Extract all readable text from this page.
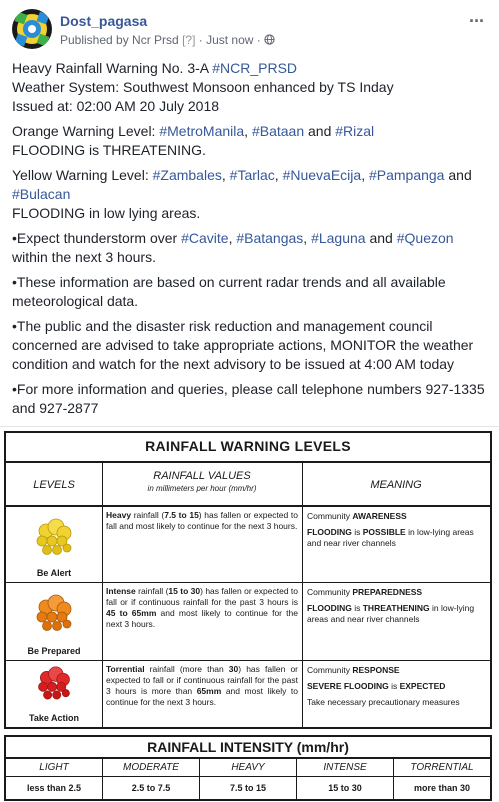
Dost_pagasa
Published by Ncr Prsd [?] · Just now ·
···

Heavy Rainfall Warning No. 3-A #NCR_PRSD
Weather System: Southwest Monsoon enhanced by TS Inday
Issued at: 02:00 AM 20 July 2018

Orange Warning Level: #MetroManila, #Bataan and #Rizal
FLOODING is THREATENING.

Yellow Warning Level: #Zambales, #Tarlac, #NuevaEcija, #Pampanga and
#Bulacan
FLOODING in low lying areas.

•Expect thunderstorm over #Cavite, #Batangas, #Laguna and #Quezon
within the next 3 hours.

•These information are based on current radar trends and all available meteorological data.

•The public and the disaster risk reduction and management council concerned are advised to take appropriate actions, MONITOR the weather condition and watch for the next advisory to be issued at 4:00 AM today

•For more information and queries, please call telephone numbers 927-1335 and 927-2877

RAINFALL WARNING LEVELS
LEVELS
RAINFALL VALUES
in millimeters per hour (mm/hr)	MEANING
Be Alert
Heavy rainfall (7.5 to 15) has fallen or expected to fall and most likely to continue for the next 3 hours.
Community AWARENESS
FLOODING is POSSIBLE in low-lying areas and near river channels
Be Prepared
Intense rainfall (15 to 30) has fallen or expected to fall or if continuous rainfall for the past 3 hours is 45 to 65mm and most likely to continue for the next 3 hours.
Community PREPAREDNESS
FLOODING is THREATHENING in low-lying areas and near river channels
Take Action
Torrential rainfall (more than 30) has fallen or expected to fall or if continuous rainfall for the past 3 hours is more than 65mm and most likely to continue for the next 3 hours.
Community RESPONSE
SEVERE FLOODING is EXPECTED
Take necessary precautionary measures
RAINFALL INTENSITY (mm/hr)
LIGHT
less than 2.5
MODERATE
2.5 to 7.5
HEAVY
7.5 to 15
INTENSE
15 to 30
TORRENTIAL
more than 30
